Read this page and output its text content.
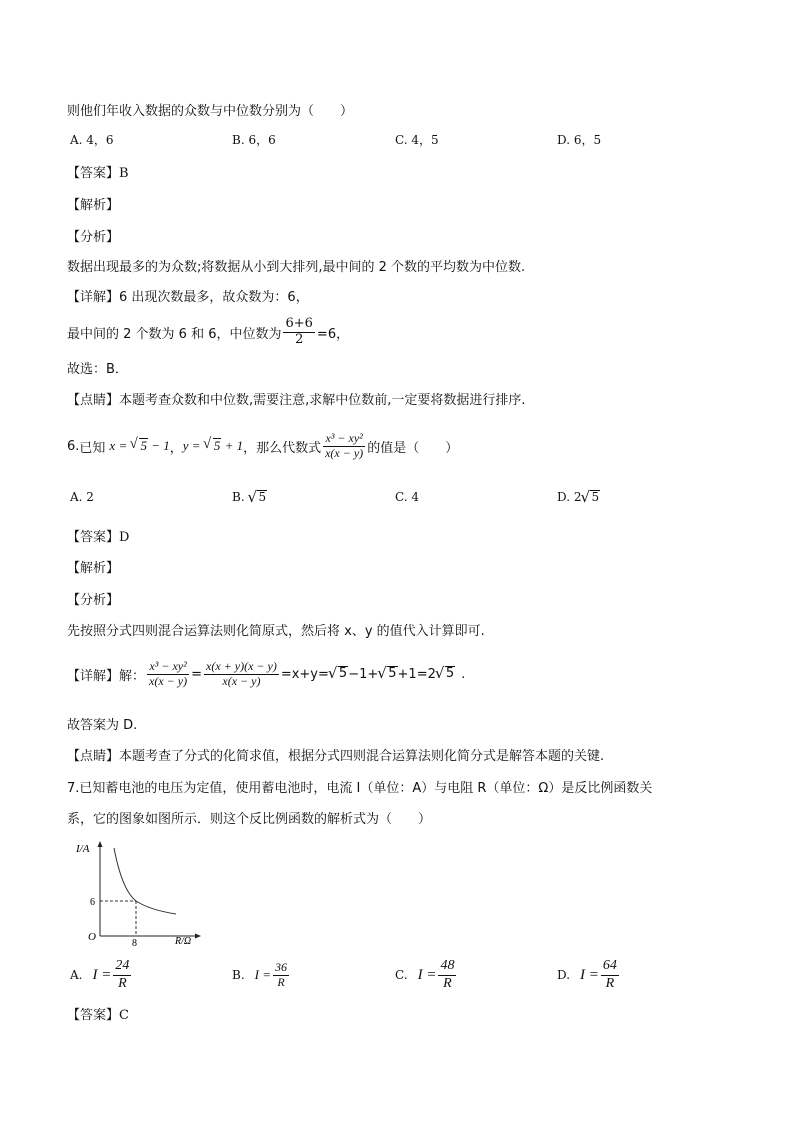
则他们年收入数据的众数与中位数分别为（　　）
A. 4，6	B. 6，6	C. 4，5	D. 6，5
【答案】B
【解析】
【分析】
数据出现最多的为众数;将数据从小到大排列,最中间的 2 个数的平均数为中位数.
【详解】6 出现次数最多，故众数为：6，
最中间的 2 个数为 6 和 6，中位数为 $\frac{6+6}{2} =6$，
故选：B．
【点睛】本题考查众数和中位数,需要注意,求解中位数前,一定要将数据进行排序.
6. 已知 x = √ 5 − 1 ， y = √ 5 + 1 ，那么代数式 $\frac{\text{x³ − xy²}}{x(x - y)}$ 的值是（　　）
A. 2	B. √ 5	C. 4	D. 2 √ 5
【答案】D
【解析】
【分析】
先按照分式四则混合运算法则化简原式，然后将 x、y 的值代入计算即可.
【详解】 解： $\frac{\text{x³ − xy²}}{x(x - y)} = \frac{x(x + y)(x - y)}{x(x - y)} =x+y=$ √ 5 −1+ √ 5 +1=2 √ 5 .
故答案为 D.
【点睛】本题考查了分式的化简求值，根据分式四则混合运算法则化简分式是解答本题的关键.
7.已知蓄电池的电压为定值，使用蓄电池时，电流 I（单位：A）与电阻 R（单位：Ω）是反比例函数关
系，它的图象如图所示．则这个反比例函数的解析式为（　　）
I/A
R/Ω
O
6
8
A. $I = \frac{24}{R}$	B. $I = \frac{36}{R}$	C. $I = \frac{48}{R}$	D. $I = \frac{64}{R}$
【答案】C
